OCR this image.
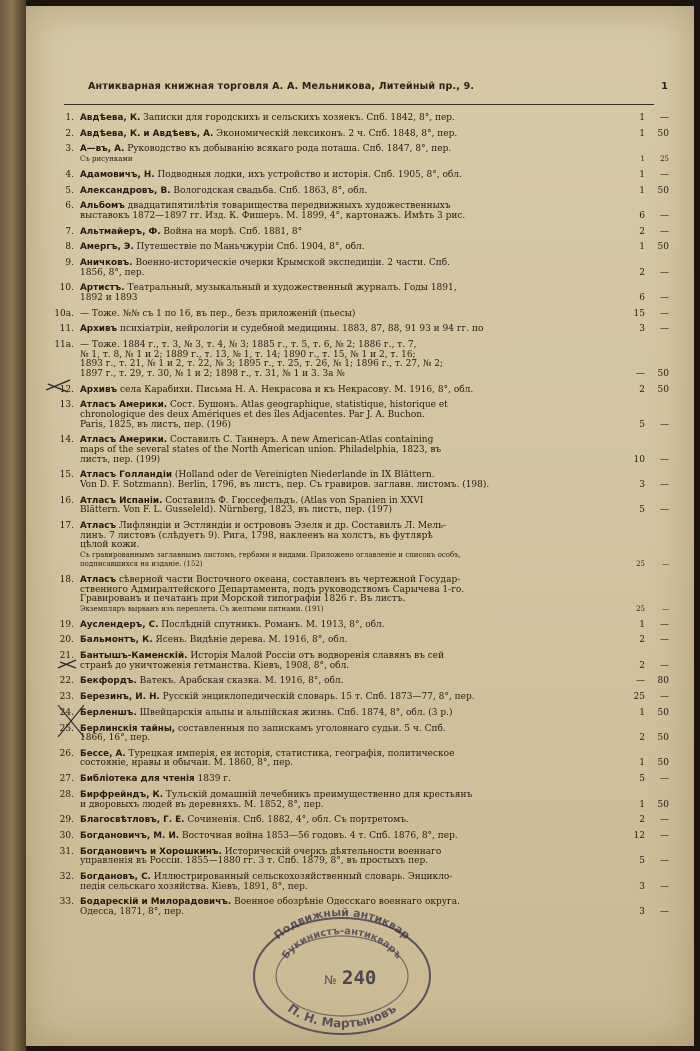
Антикварная книжная торговля А. А. Мельникова, Литейный пр., 9.	1
1. Авдѣева, К. Записки для городскихъ и сельскихъ хозяекъ. Спб. 1842, 8°, пер.	1 —
2. Авдѣева, К. и Авдѣевъ, А. Экономическій лексиконъ. 2 ч. Спб. 1848, 8°, пер.	1 50
3. А—въ, А. Руководство къ добыванію всякаго рода поташа. Спб. 1847, 8°, пер.
Съ рисунками	1 25
4. Адамовичъ, Н. Подводныя лодки, ихъ устройство и исторія. Спб. 1905, 8°, обл.	1 —
5. Александровъ, В. Вологодская свадьба. Спб. 1863, 8°, обл.	1 50
6. Альбомъ двадцатипятилѣтія товарищества передвижныхъ художественныхъ
выставокъ 1872—1897 гг. Изд. К. Фишеръ. М. 1899, 4°, картонажъ. Имѣть 3 рис.	6 —
7. Альтмайеръ, Ф. Война на морѣ. Спб. 1881, 8°	2 —
8. Амергъ, Э. Путешествіе по Маньчжуріи Спб. 1904, 8°, обл.	1 50
9. Аничковъ. Военно-историческіе очерки Крымской экспедиціи. 2 части. Спб.
1856, 8°, пер.	2 —
10. Артистъ. Театральный, музыкальный и художественный журналъ. Годы 1891,
1892 и 1893	6 —
10a. — Тоже. №№ съ 1 по 16, въ пер., безъ приложеній (пьесы)	15 —
11. Архивъ психіатріи, нейрологіи и судебной медицины. 1883, 87, 88, 91 93 и 94 гг. по	3 —
11a. — Тоже. 1884 г., т. 3, № 3, т. 4, № 3; 1885 г., т. 5, т. 6, № 2; 1886 г., т. 7,
№ 1, т. 8, № 1 и 2; 1889 г., т. 13, № 1, т. 14; 1890 г., т. 15, № 1 и 2, т. 16;
1893 г., т. 21, № 1 и 2, т. 22, № 3; 1895 г., т. 25, т. 26, № 1; 1896 г., т. 27, № 2;
1897 г., т. 29, т. 30, № 1 и 2; 1898 г., т. 31, № 1 и 3. За №	— 50
12. Архивъ села Карабихи. Письма Н. А. Некрасова и къ Некрасову. М. 1916, 8°, обл.	2 50
13. Атласъ Америки. Сост. Бушонъ. Atlas geographique, statistique, historique et
chronologique des deux Amériques et des îles Adjacentes. Par J. A. Buchon.
Paris, 1825, въ листъ, пер. (196)	5 —
14. Атласъ Америки. Составилъ С. Таннеръ. A new American-Atlas containing
maps of the several states of the North American union. Philadelphia, 1823, въ
листъ, пер. (199)	10 —
15. Атласъ Голландіи (Holland oder de Vereinigten Niederlande in IX Blättern.
Von D. F. Sotzmann). Berlin, 1796, въ листъ, пер. Съ гравиров. заглавн. листомъ. (198).	3 —
16. Атласъ Испаніи. Составилъ Ф. Гюссефельдъ. (Atlas von Spanien in XXVI
Blättern. Von F. L. Gusseleld). Nürnberg, 1823, въ листъ, пер. (197)	5 —
17. Атласъ Лифляндіи и Эстляндіи и острововъ Эзеля и др. Составилъ Л. Мель-
линъ. 7 листовъ (слѣдуетъ 9). Рига, 1798, наклеенъ на холстъ, въ футлярѣ
цѣлой кожи.
Съ гравированнымъ заглавнымъ листомъ, гербами и видами. Приложено оглавленіе и списокъ особъ,
подписавшихся на изданіе. (152)	25 —
18. Атласъ сѣверной части Восточного океана, составленъ въ чертежной Государ-
ственного Адмиралтейского Департамента, подъ руководствомъ Сарычева 1-го.
Гравированъ и печатанъ при Морской типографіи 1826 г. Въ листъ.
Экземпляръ вырванъ изъ переплета. Съ желтыми пятнами. (191)	25 —
19. Ауслендеръ, С. Послѣдній спутникъ. Романъ. М. 1913, 8°, обл.	1 —
20. Бальмонтъ, К. Ясень. Видѣніе дерева. М. 1916, 8°, обл.	2 —
21. Бантышъ-Каменскій. Исторія Малой Россіи отъ водворенія славянъ въ сей
странѣ до уничтоженія гетманства. Кіевъ, 1908, 8°, обл.	2 —
22. Бекфордъ. Ватекъ. Арабская сказка. М. 1916, 8°, обл.	— 80
23. Березинъ, И. Н. Русскій энциклопедическій словарь. 15 т. Спб. 1873—77, 8°, пер.	25 —
24. Берленшъ. Швейцарскія альпы и альпійская жизнь. Спб. 1874, 8°, обл. (3 р.)	1 50
25. Берлинскія тайны, составленныя по запискамъ уголовнаго судьи. 5 ч. Спб.
1866, 16°, пер.	2 50
26. Бессе, А. Турецкая имперія, ея исторія, статистика, географія, политическое
состояніе, нравы и обычаи. М. 1860, 8°, пер.	1 50
27. Библіотека для чтенія 1839 г.	5 —
28. Бирфрейндъ, К. Тульскій домашній лечебникъ преимущественно для крестьянъ
и дворовыхъ людей въ деревняхъ. М. 1852, 8°, пер.	1 50
29. Благосвѣтловъ, Г. Е. Сочиненія. Спб. 1882, 4°, обл. Съ портретомъ.	2 —
30. Богдановичъ, М. И. Восточная война 1853—56 годовъ. 4 т. Спб. 1876, 8°, пер.	12 —
31. Богдановичъ и Хорошкинъ. Историческій очеркъ дѣятельности военнаго
управленія въ Россіи. 1855—1880 гг. 3 т. Спб. 1879, 8°, въ простыхъ пер.	5 —
32. Богдановъ, С. Иллюстрированный сельскохозяйственный словарь. Энцикло-
педія сельскаго хозяйства. Кіевъ, 1891, 8°, пер.	3 —
33. Бодарескій и Милорадовичъ. Военное обозрѣніе Одесскаго военнаго округа.
Одесса, 1871, 8°, пер.	3 —
Подвижный антиквар
Букинистъ-антикваръ
№ 240
П. Н. Мартыновъ
